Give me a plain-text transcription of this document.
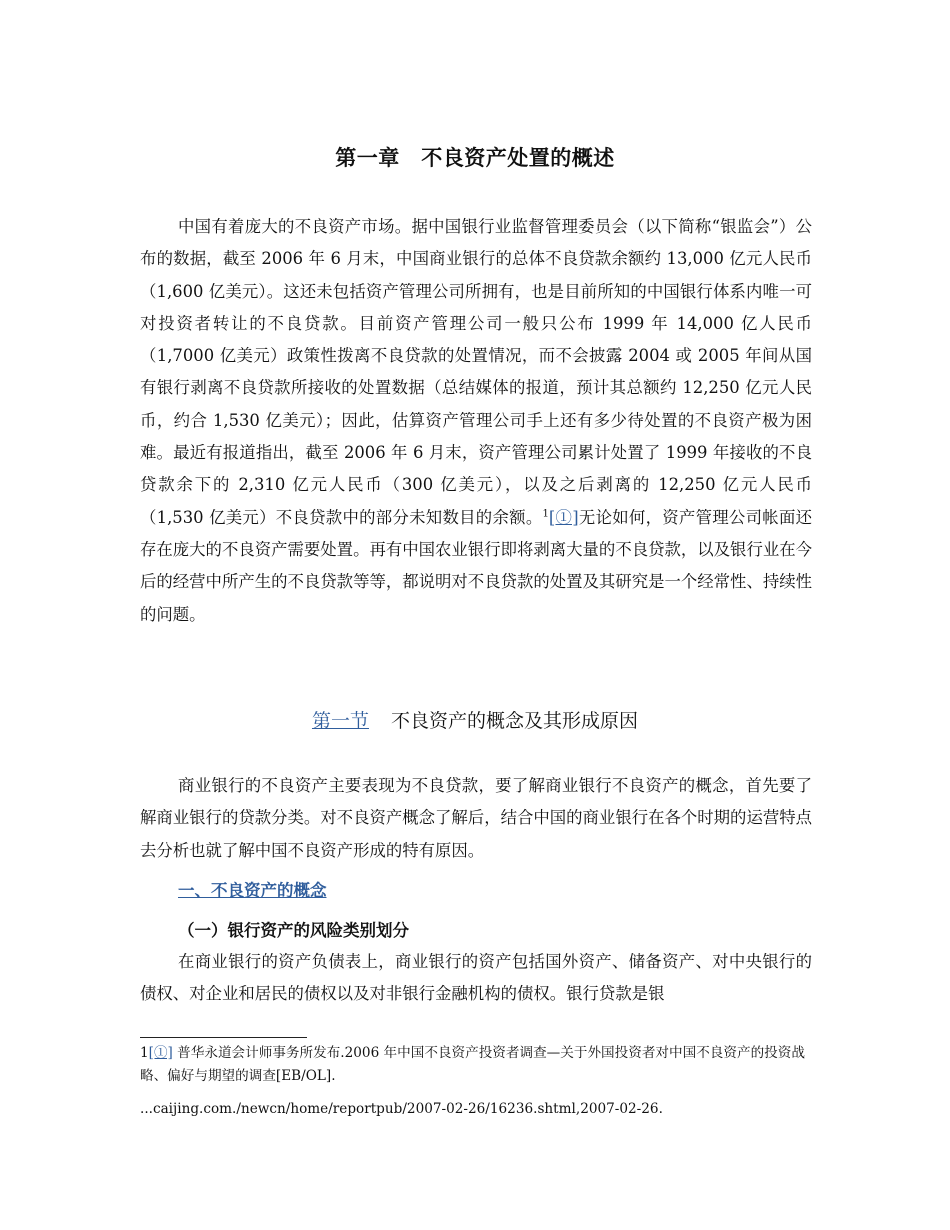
第一章　不良资产处置的概述

中国有着庞大的不良资产市场。据中国银行业监督管理委员会（以下简称“银监会”）公布的数据，截至 2006 年 6 月末，中国商业银行的总体不良贷款余额约 13,000 亿元人民币（1,600 亿美元）。这还未包括资产管理公司所拥有，也是目前所知的中国银行体系内唯一可对投资者转让的不良贷款。目前资产管理公司一般只公布 1999 年 14,000 亿人民币（1,7000 亿美元）政策性拨离不良贷款的处置情况，而不会披露 2004 或 2005 年间从国有银行剥离不良贷款所接收的处置数据（总结媒体的报道，预计其总额约 12,250 亿元人民币，约合 1,530 亿美元）；因此，估算资产管理公司手上还有多少待处置的不良资产极为困难。最近有报道指出，截至 2006 年 6 月末，资产管理公司累计处置了 1999 年接收的不良贷款余下的 2,310 亿元人民币（300 亿美元），以及之后剥离的 12,250 亿元人民币（1,530 亿美元）不良贷款中的部分未知数目的余额。$^1$[①]无论如何，资产管理公司帐面还存在庞大的不良资产需要处置。再有中国农业银行即将剥离大量的不良贷款，以及银行业在今后的经营中所产生的不良贷款等等，都说明对不良贷款的处置及其研究是一个经常性、持续性的问题。

第一节 不良资产的概念及其形成原因

商业银行的不良资产主要表现为不良贷款，要了解商业银行不良资产的概念，首先要了解商业银行的贷款分类。对不良资产概念了解后，结合中国的商业银行在各个时期的运营特点去分析也就了解中国不良资产形成的特有原因。

一、不良资产的概念
（一）银行资产的风险类别划分

在商业银行的资产负债表上，商业银行的资产包括国外资产、储备资产、对中央银行的债权、对企业和居民的债权以及对非银行金融机构的债权。银行贷款是银

1[①] 普华永道会计师事务所发布.2006 年中国不良资产投资者调查—关于外国投资者对中国不良资产的投资战略、偏好与期望的调查[EB/OL].

...caijing.com./newcn/home/reportpub/2007-02-26/16236.shtml,2007-02-26.
